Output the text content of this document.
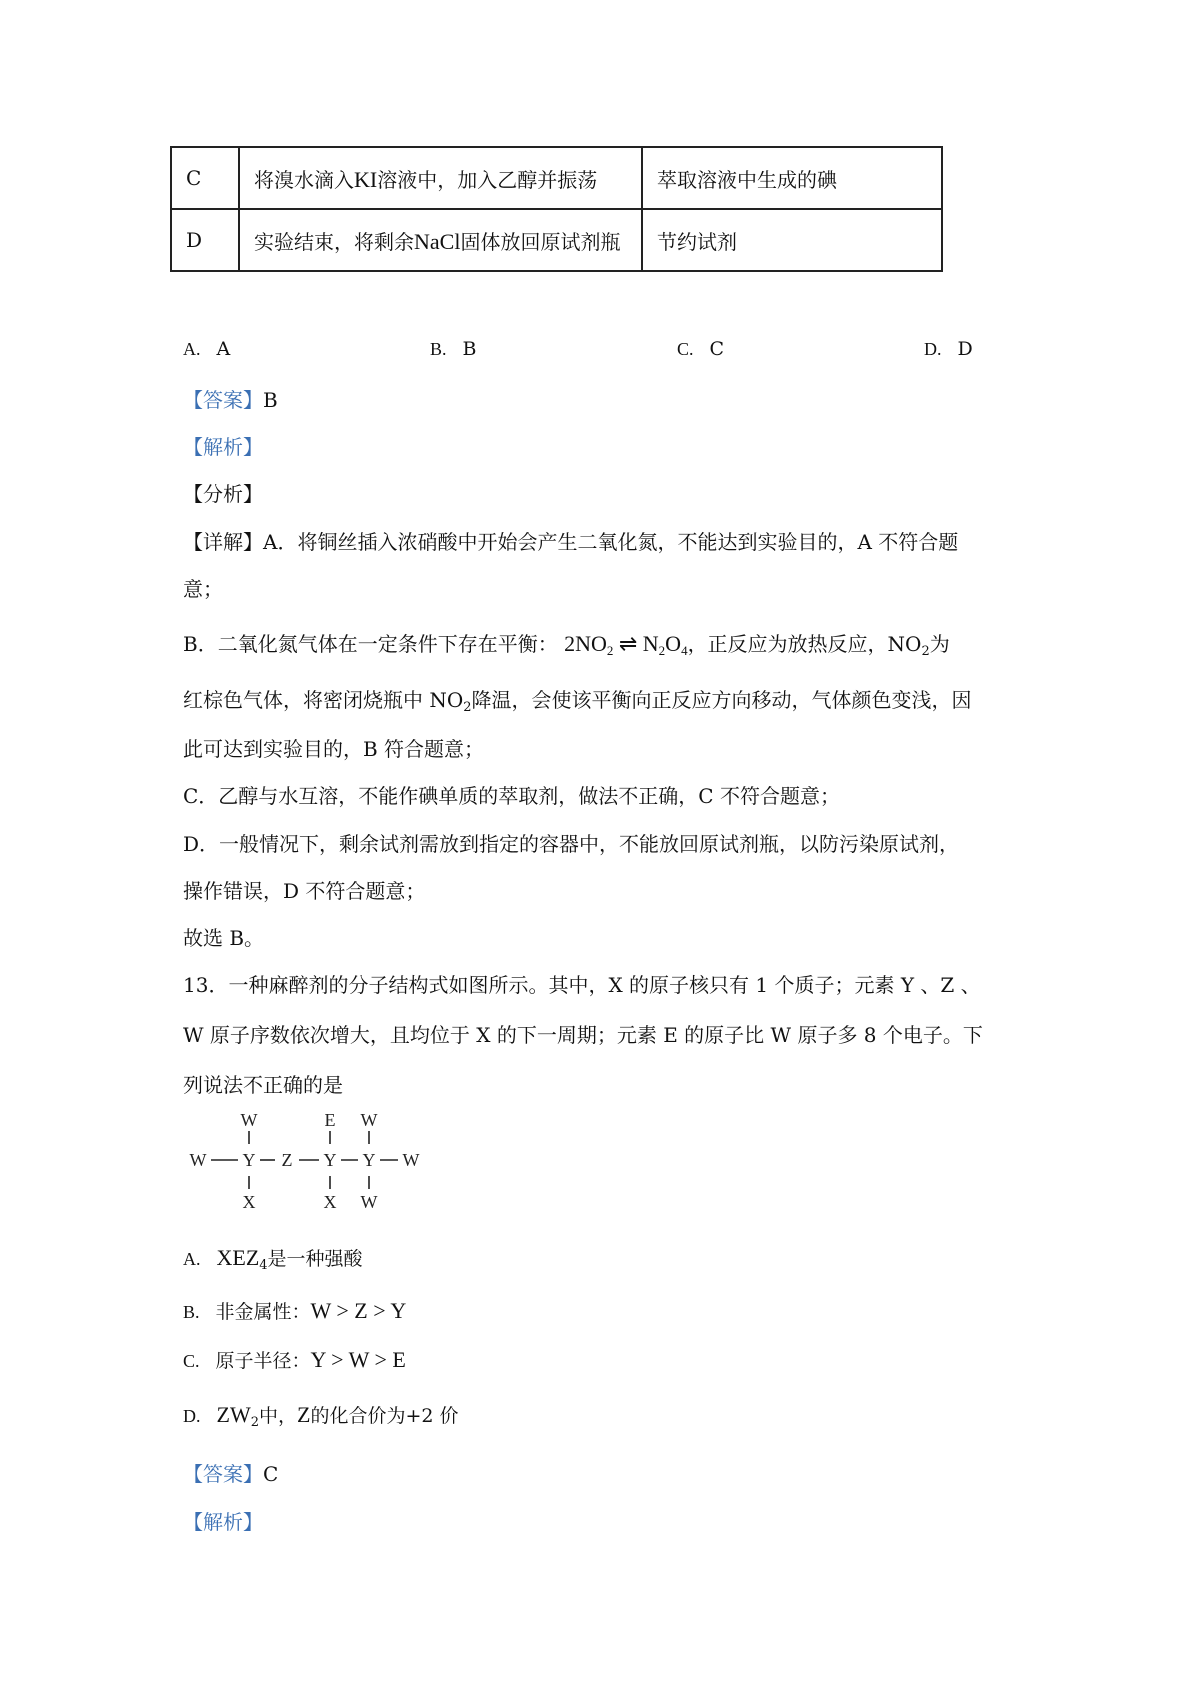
C	将溴水滴入KI溶液中，加入乙醇并振荡	萃取溶液中生成的碘
D	实验结束，将剩余NaCl固体放回原试剂瓶	节约试剂
A. A	B. B	C. C	D. D
【答案】B
【解析】
【分析】
【详解】A．将铜丝插入浓硝酸中开始会产生二氧化氮，不能达到实验目的，A 不符合题
意；
B．二氧化氮气体在一定条件下存在平衡： $2NO_2$ ⇌ $N_2O_4$，正反应为放热反应，$NO_2$为
红棕色气体，将密闭烧瓶中 $NO_2$降温，会使该平衡向正反应方向移动，气体颜色变浅，因
此可达到实验目的，B 符合题意；
C．乙醇与水互溶，不能作碘单质的萃取剂，做法不正确，C 不符合题意；
D．一般情况下，剩余试剂需放到指定的容器中，不能放回原试剂瓶，以防污染原试剂，
操作错误，D 不符合题意；
故选 B。
13．一种麻醉剂的分子结构式如图所示。其中，X 的原子核只有 1 个质子；元素 Y 、Z 、
W 原子序数依次增大，且均位于 X 的下一周期；元素 E 的原子比 W 原子多 8 个电子。下
列说法不正确的是
W
W Y Z Y Y W
X
E
X
W
W
A. $XEZ_4$是一种强酸
B. 非金属性：W > Z > Y
C. 原子半径：Y > W > E
D. $ZW_2$中，Z的化合价为+2 价
【答案】C
【解析】
